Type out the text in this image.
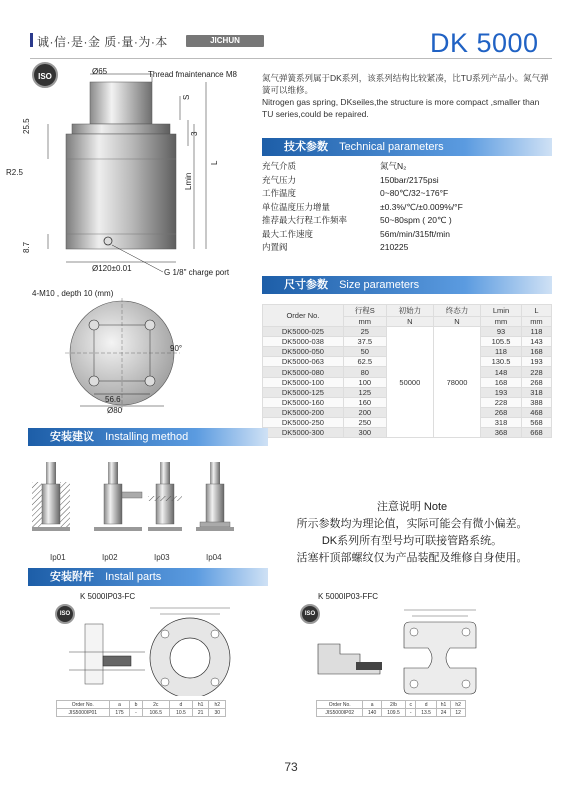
诚·信·是·金 质·量·为·本	JICHUN	DK 5000
ISO
Ø65	Thread fmaintenance M8
25.5
R2.5
8.7
S
3
L
Lmin
Ø120±0.01	G 1/8" charge port
4-M10 , depth 10 (mm)
90°
56.6
Ø80
氮气弹簧系列属于DK系列，该系列结构比较紧凑，比TU系列产品小。氮气弹簧可以维修。
Nitrogen gas spring, DKseiles,the structure is more compact ,smaller than TU series,could be repaired.
技术参数 Technical parameters
充气介质	氮气N₂
充气压力	150bar/2175psi
工作温度	0~80℃/32~176°F
单位温度压力增量	±0.3%/℃/±0.009%/°F
推荐最大行程工作频率	50~80spm ( 20℃ )
最大工作速度	56m/min/315ft/min
内置阀	210225
尺寸参数 Size parameters
Order No.	行程S	初始力	终态力	Lmin	L
	mm	N	N	mm	mm
DK5000-025	25	50000	78000	93	118
DK5000-038	37.5			105.5	143
DK5000-050	50			118	168
DK5000-063	62.5			130.5	193
DK5000-080	80			148	228
DK5000-100	100			168	268
DK5000-125	125			193	318
DK5000-160	160			228	388
DK5000-200	200			268	468
DK5000-250	250			318	568
DK5000-300	300			368	668
安装建议 Installing method
Ip01	Ip02	Ip03	Ip04
注意说明 Note
所示参数均为理论值，实际可能会有微小偏差。
DK系列所有型号均可联接管路系统。
活塞杆顶部螺纹仅为产品装配及维修自身使用。
安装附件 Install parts
K 5000IP03-FC
ISO
Order No.	a	b	2c	d	h1	h2
JIS5000IP01	175	-	106.5	10.5	21	30
K 5000IP03-FFC
ISO
Order No.	a	2/b	c	d	h1	h2
JIS5000IP02	140	109.5	-	13.5	24	12
73
